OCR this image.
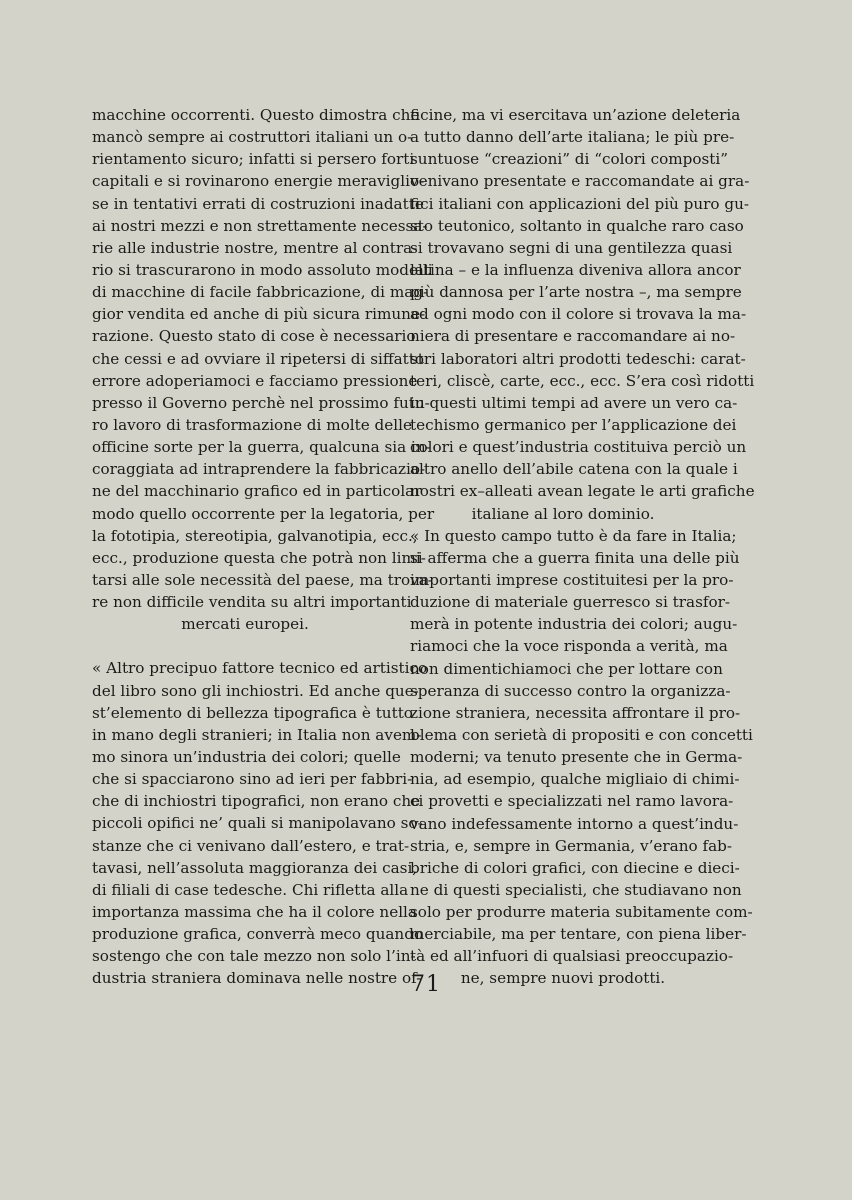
macchine occorrenti. Questo dimostra che
mancò sempre ai costruttori italiani un o-
rientamento sicuro; infatti si persero forti
capitali e si rovinarono energie meraviglio-
se in tentativi errati di costruzioni inadatte
ai nostri mezzi e non strettamente necessa-
rie alle industrie nostre, mentre al contra-
rio si trascurarono in modo assoluto modelli
di macchine di facile fabbricazione, di mag-
gior vendita ed anche di più sicura rimune-
razione. Questo stato di cose è necessario
che cessi e ad ovviare il ripetersi di siffatto
errore adoperiamoci e facciamo pressione
presso il Governo perchè nel prossimo futu-
ro lavoro di trasformazione di molte delle
officine sorte per la guerra, qualcuna sia in-
coraggiata ad intraprendere la fabbricazio-
ne del macchinario grafico ed in particolar
modo quello occorrente per la legatoria, per
la fototipia, stereotipia, galvanotipia, ecc.,
ecc., produzione questa che potrà non limi-
tarsi alle sole necessità del paese, ma trova-
re non difficile vendita su altri importanti
mercati europei.
« Altro precipuo fattore tecnico ed artistico
del libro sono gli inchiostri. Ed anche que-
st’elemento di bellezza tipografica è tutto
in mano degli stranieri; in Italia non avem-
mo sinora un’industria dei colori; quelle
che si spacciarono sino ad ieri per fabbri-
che di inchiostri tipografici, non erano che
piccoli opifici ne’ quali si manipolavano so-
stanze che ci venivano dall’estero, e trat-
tavasi, nell’assoluta maggioranza dei casi,
di filiali di case tedesche. Chi rifletta alla
importanza massima che ha il colore nella
produzione grafica, converrà meco quando
sostengo che con tale mezzo non solo l’in-
dustria straniera dominava nelle nostre of-
ficine, ma vi esercitava un’azione deleteria
a tutto danno dell’arte italiana; le più pre-
suntuose “creazioni” di “colori composti”
venivano presentate e raccomandate ai gra-
fici italiani con applicazioni del più puro gu-
sto teutonico, soltanto in qualche raro caso
si trovavano segni di una gentilezza quasi
latina – e la influenza diveniva allora ancor
più dannosa per l’arte nostra –, ma sempre
ad ogni modo con il colore si trovava la ma-
niera di presentare e raccomandare ai no-
stri laboratori altri prodotti tedeschi: carat-
teri, cliscè, carte, ecc., ecc. S’era così ridotti
in questi ultimi tempi ad avere un vero ca-
techismo germanico per l’applicazione dei
colori e quest’industria costituiva perciò un
altro anello dell’abile catena con la quale i
nostri ex–alleati avean legate le arti grafiche
italiane al loro dominio.
« In questo campo tutto è da fare in Italia;
si afferma che a guerra finita una delle più
importanti imprese costituitesi per la pro-
duzione di materiale guerresco si trasfor-
merà in potente industria dei colori; augu-
riamoci che la voce risponda a verità, ma
non dimentichiamoci che per lottare con
speranza di successo contro la organizza-
zione straniera, necessita affrontare il pro-
blema con serietà di propositi e con concetti
moderni; va tenuto presente che in Germa-
nia, ad esempio, qualche migliaio di chimi-
ci provetti e specializzati nel ramo lavora-
vano indefessamente intorno a quest’indu-
stria, e, sempre in Germania, v’erano fab-
briche di colori grafici, con diecine e dieci-
ne di questi specialisti, che studiavano non
solo per produrre materia subitamente com-
merciabile, ma per tentare, con piena liber-
tà ed all’infuori di qualsiasi preoccupazio-
ne, sempre nuovi prodotti.
71
